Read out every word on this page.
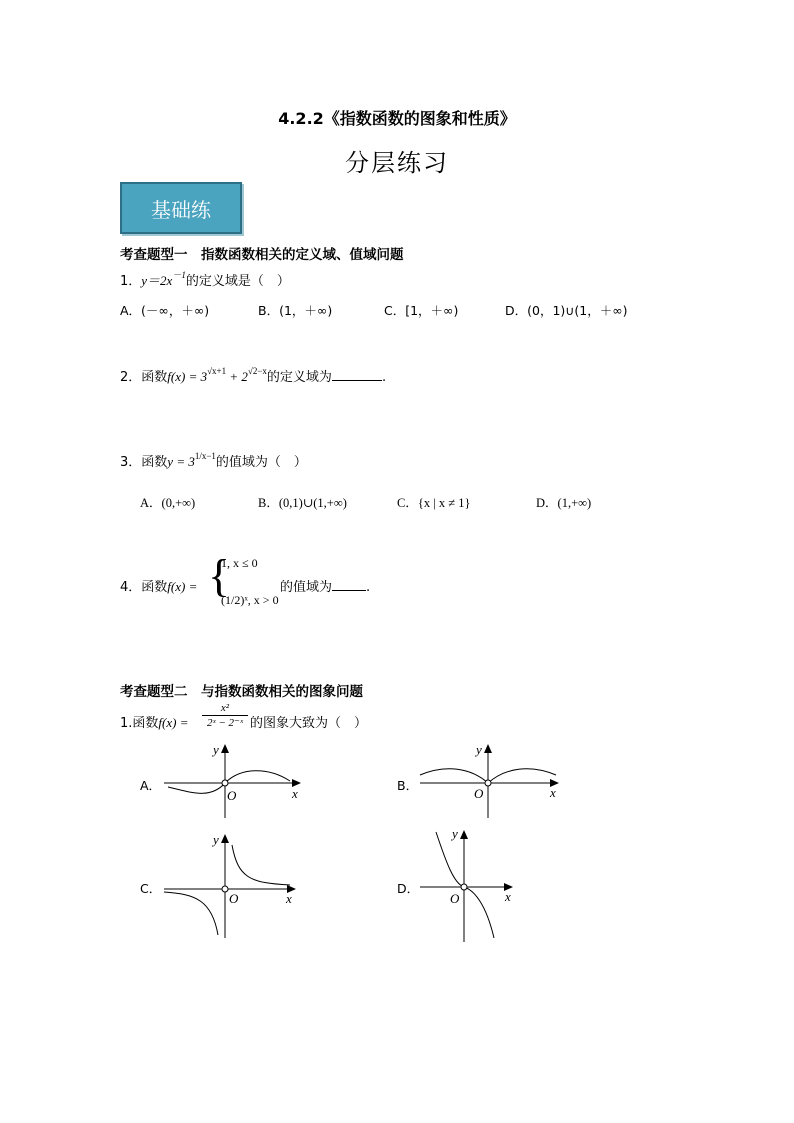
4.2.2《指数函数的图象和性质》
分层练习
基础练
考查题型一　指数函数相关的定义域、值域问题
1．$y=2x^{-1}$的定义域是（　）
A．(－∞，＋∞)	B．(1，＋∞)	C．[1，＋∞)	D．(0，1)∪(1，＋∞)
2．函数$f(x) = 3^{√x+1} + 2^{√2-x}$的定义域为	.
3．函数$y = 3^{1/x-1}$的值域为（　）
A．(0,+∞)	B．(0,1)∪(1,+∞)	C．{x | x ≠ 1}	D．(1,+∞)
4．函数f(x) = {
1, x ≤ 0
(1/2)ˣ, x > 0
的值域为	.
考查题型二　与指数函数相关的图象问题
1.函数$f(x) = \frac{\text{x²}}{\text{2ˣ − 2⁻ˣ}}$ 的图象大致为（　）
A．
x
y
O
B．	x
y
O
C．
x
y
O
D．
x
y
O
